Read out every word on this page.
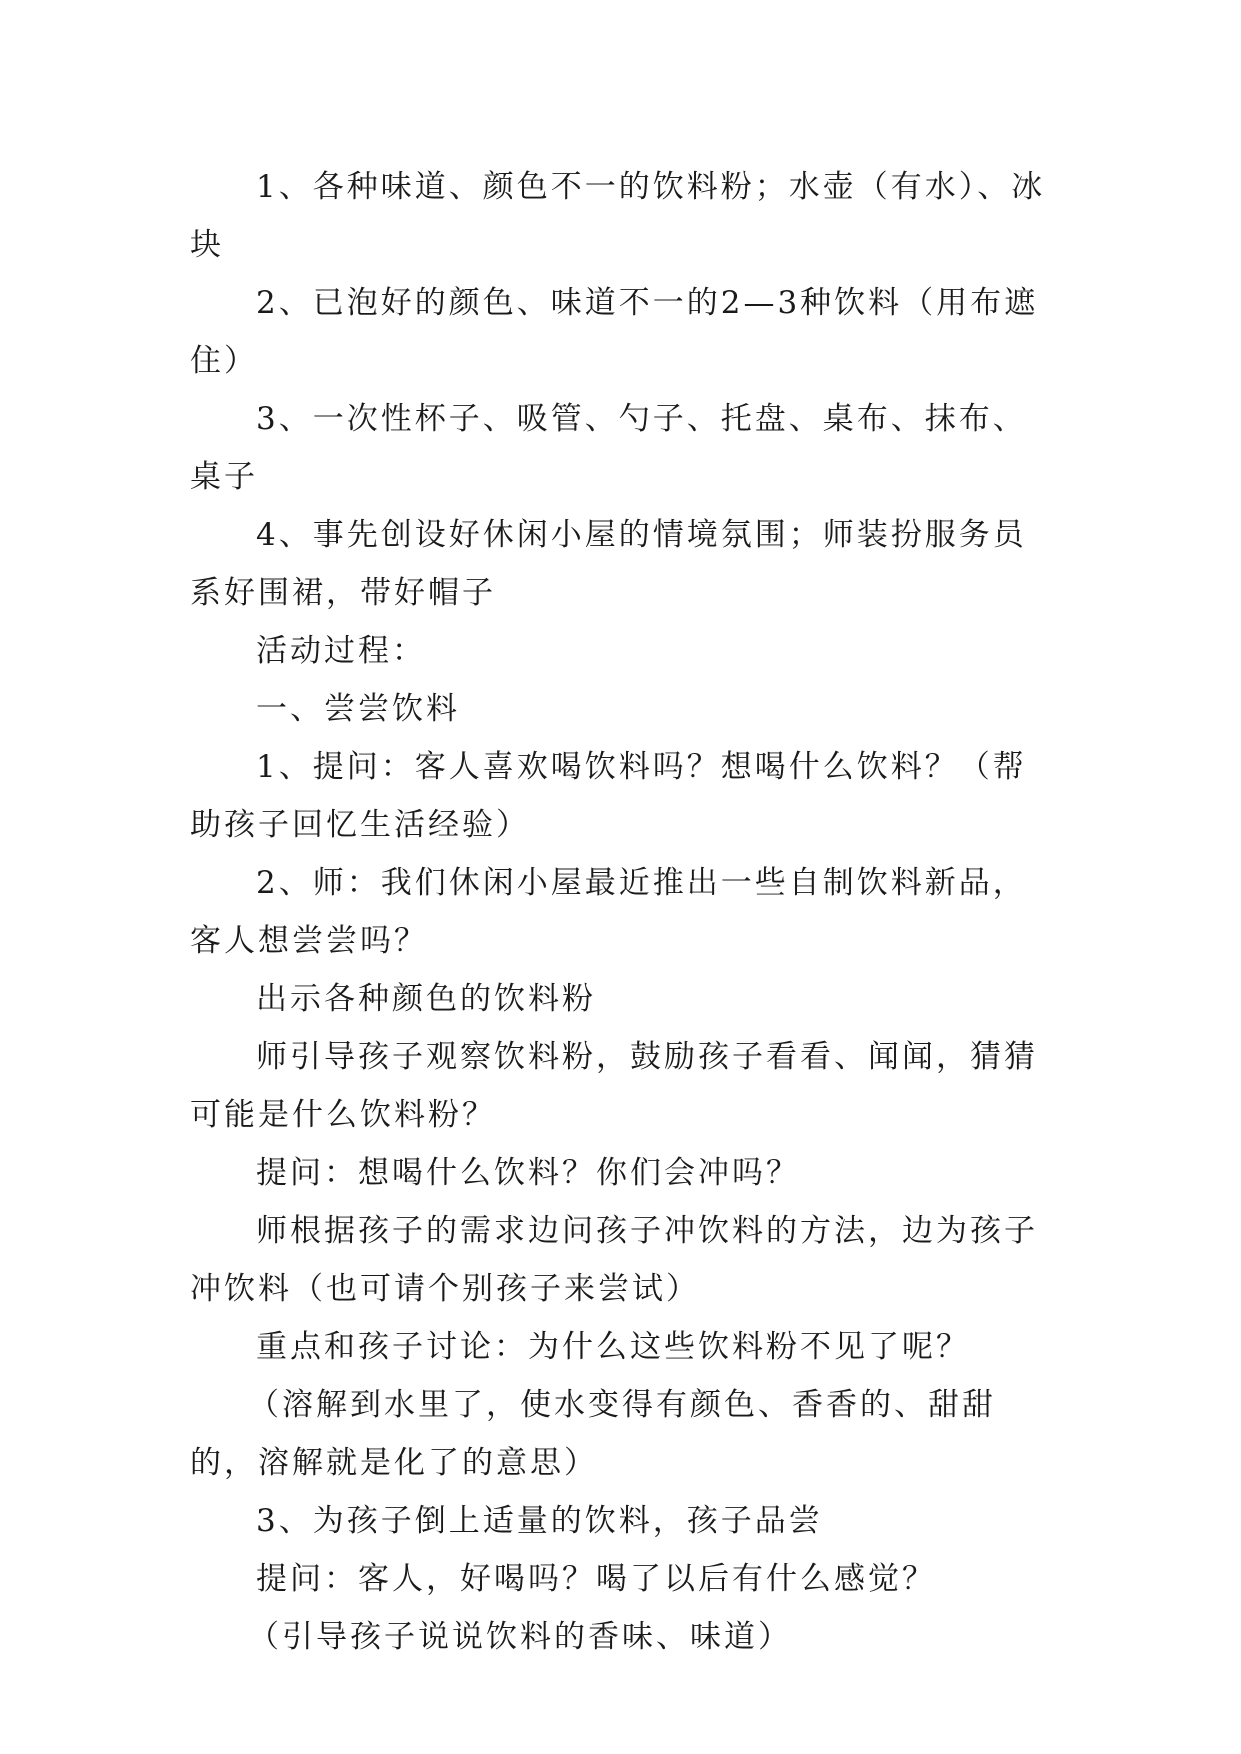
1、各种味道、颜色不一的饮料粉；水壶（有水）、冰块

2、已泡好的颜色、味道不一的2—3种饮料（用布遮住）

3、一次性杯子、吸管、勺子、托盘、桌布、抹布、桌子

4、事先创设好休闲小屋的情境氛围；师装扮服务员系好围裙，带好帽子

活动过程：

一、尝尝饮料

1、提问：客人喜欢喝饮料吗？想喝什么饮料？（帮助孩子回忆生活经验）

2、师：我们休闲小屋最近推出一些自制饮料新品，客人想尝尝吗？

出示各种颜色的饮料粉

师引导孩子观察饮料粉，鼓励孩子看看、闻闻，猜猜可能是什么饮料粉？

提问：想喝什么饮料？你们会冲吗？

师根据孩子的需求边问孩子冲饮料的方法，边为孩子冲饮料（也可请个别孩子来尝试）

重点和孩子讨论：为什么这些饮料粉不见了呢？

（溶解到水里了，使水变得有颜色、香香的、甜甜的，溶解就是化了的意思）

3、为孩子倒上适量的饮料，孩子品尝

提问：客人，好喝吗？喝了以后有什么感觉？

（引导孩子说说饮料的香味、味道）
